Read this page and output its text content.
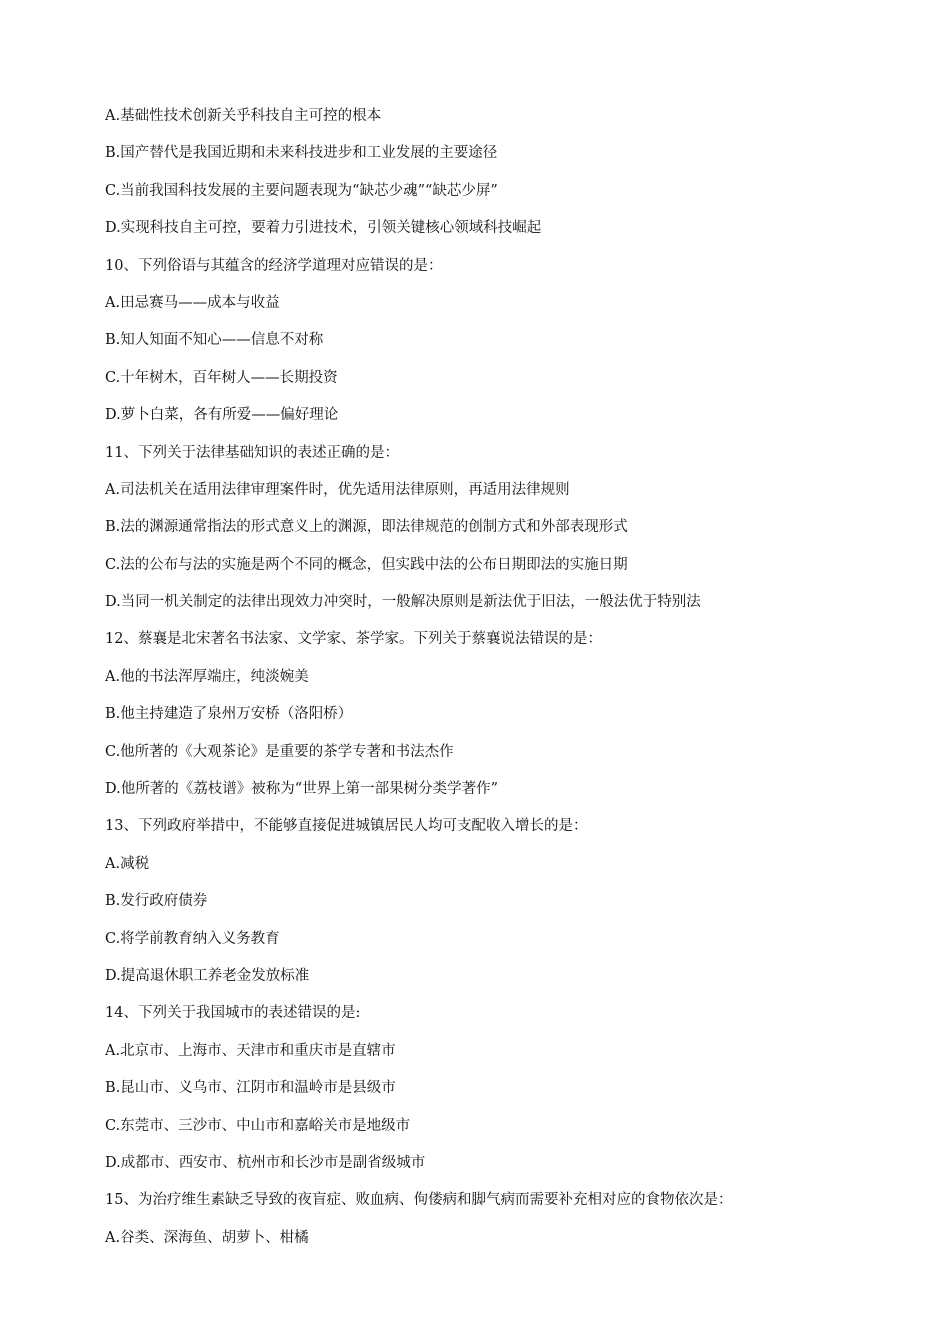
A.基础性技术创新关乎科技自主可控的根本
B.国产替代是我国近期和未来科技进步和工业发展的主要途径
C.当前我国科技发展的主要问题表现为“缺芯少魂”“缺芯少屏”
D.实现科技自主可控，要着力引进技术，引领关键核心领域科技崛起
10、下列俗语与其蕴含的经济学道理对应错误的是：
A.田忌赛马——成本与收益
B.知人知面不知心——信息不对称
C.十年树木，百年树人——长期投资
D.萝卜白菜，各有所爱——偏好理论
11、下列关于法律基础知识的表述正确的是：
A.司法机关在适用法律审理案件时，优先适用法律原则，再适用法律规则
B.法的渊源通常指法的形式意义上的渊源，即法律规范的创制方式和外部表现形式
C.法的公布与法的实施是两个不同的概念，但实践中法的公布日期即法的实施日期
D.当同一机关制定的法律出现效力冲突时，一般解决原则是新法优于旧法，一般法优于特别法
12、蔡襄是北宋著名书法家、文学家、茶学家。下列关于蔡襄说法错误的是：
A.他的书法浑厚端庄，纯淡婉美
B.他主持建造了泉州万安桥（洛阳桥）
C.他所著的《大观茶论》是重要的茶学专著和书法杰作
D.他所著的《荔枝谱》被称为“世界上第一部果树分类学著作”
13、下列政府举措中，不能够直接促进城镇居民人均可支配收入增长的是：
A.减税
B.发行政府债券
C.将学前教育纳入义务教育
D.提高退休职工养老金发放标准
14、下列关于我国城市的表述错误的是:
A.北京市、上海市、天津市和重庆市是直辖市
B.昆山市、义乌市、江阴市和温岭市是县级市
C.东莞市、三沙市、中山市和嘉峪关市是地级市
D.成都市、西安市、杭州市和长沙市是副省级城市
15、为治疗维生素缺乏导致的夜盲症、败血病、佝偻病和脚气病而需要补充相对应的食物依次是：
A.谷类、深海鱼、胡萝卜、柑橘
